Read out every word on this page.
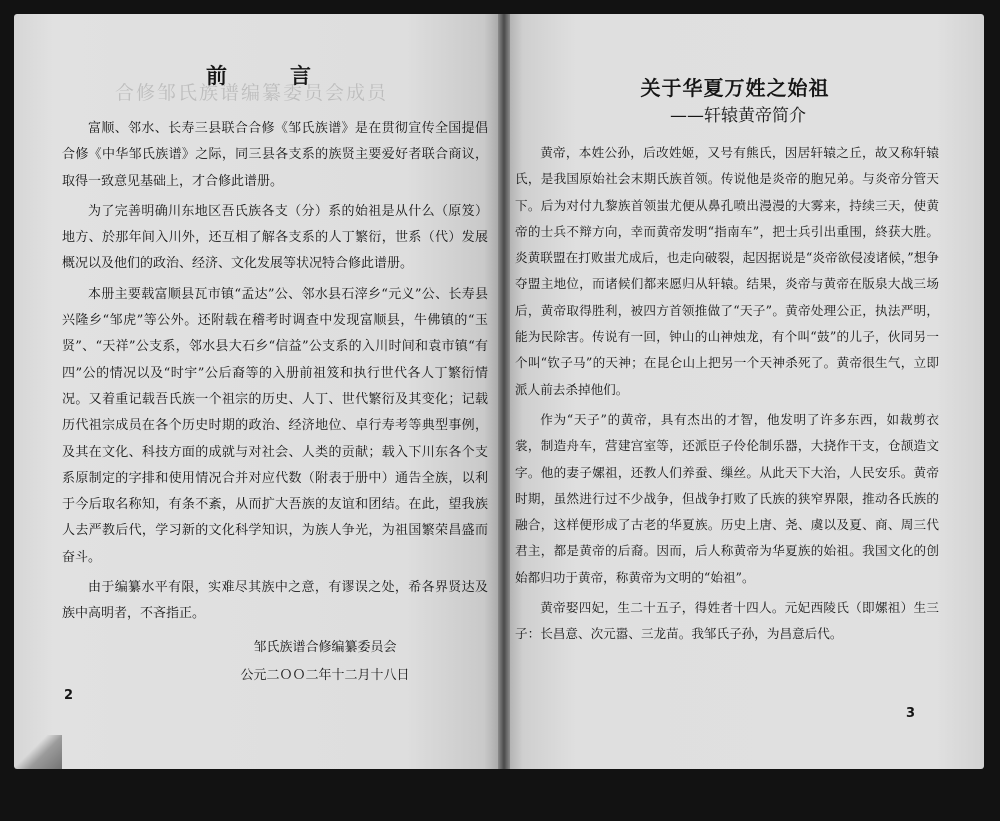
合修邹氏族谱编纂委员会成员
前	言

富顺、邻水、长寿三县联合合修《邹氏族谱》是在贯彻宣传全国提倡合修《中华邹氏族谱》之际，同三县各支系的族贤主要爱好者联合商议，取得一致意见基础上，才合修此谱册。

为了完善明确川东地区吾氏族各支（分）系的始祖是从什么（原笈）地方、於那年间入川外，还互相了解各支系的人丁繁衍，世系（代）发展概况以及他们的政治、经济、文化发展等状况特合修此谱册。

本册主要载富顺县瓦市镇“孟达”公、邻水县石滓乡“元义”公、长寿县兴隆乡“邹虎”等公外。还附载在稽考时调查中发现富顺县，牛佛镇的“玉贤”、“天祥”公支系，邻水县大石乡“信益”公支系的入川时间和袁市镇“有四”公的情况以及“时宇”公后裔等的入册前祖笈和执行世代各人丁繁衍情况。又着重记载吾氏族一个祖宗的历史、人丁、世代繁衍及其变化；记载历代祖宗成员在各个历史时期的政治、经济地位、卓行寿考等典型事例，及其在文化、科技方面的成就与对社会、人类的贡献；载入下川东各个支系原制定的字排和使用情况合并对应代数（附表于册中）通告全族，以利于今后取名称知，有条不紊，从而扩大吾族的友谊和团结。在此，望我族人去严教后代，学习新的文化科学知识，为族人争光，为祖国繁荣昌盛而奋斗。

由于编纂水平有限，实难尽其族中之意，有谬误之处，希各界贤达及族中高明者，不吝指正。

邹氏族谱合修编纂委员会
公元二ＯＯ二年十二月十八日
2
关于华夏万姓之始祖
——轩辕黄帝简介

黄帝，本姓公孙，后改姓姬，又号有熊氏，因居轩辕之丘，故又称轩辕氏，是我国原始社会末期氏族首领。传说他是炎帝的胞兄弟。与炎帝分管天下。后为对付九黎族首领蚩尤便从鼻孔喷出漫漫的大雾来，持续三天，使黄帝的士兵不辩方向，幸而黄帝发明“指南车”，把士兵引出重围，終获大胜。炎黄联盟在打败蚩尤成后，也走向破裂，起因据说是“炎帝欲侵凌诸候，”想争夺盟主地位，而诸候们都来愿归从轩辕。结果，炎帝与黄帝在版泉大战三场后，黄帝取得胜利，被四方首领推做了“天子”。黄帝处理公正，执法严明，能为民除害。传说有一回，钟山的山神烛龙，有个叫“鼓”的儿子，伙同另一个叫“钦子马”的天神；在昆仑山上把另一个天神杀死了。黄帝很生气，立即派人前去杀掉他们。

作为“天子”的黄帝，具有杰出的才智，他发明了许多东西，如裁剪衣裳，制造舟车，营建宫室等，还派臣子伶伦制乐器，大挠作干支，仓颉造文字。他的妻子嫘祖，还教人们养蚕、缫丝。从此天下大治，人民安乐。黄帝时期，虽然进行过不少战争，但战争打败了氏族的狭窄界限，推动各氏族的融合，这样便形成了古老的华夏族。历史上唐、尧、虞以及夏、商、周三代君主，都是黄帝的后裔。因而，后人称黄帝为华夏族的始祖。我国文化的创始都归功于黄帝，称黄帝为文明的“始祖”。

黄帝娶四妃，生二十五子，得姓者十四人。元妃西陵氏（即嫘祖）生三子：长昌意、次元嚣、三龙苗。我邹氏子孙，为昌意后代。

3
